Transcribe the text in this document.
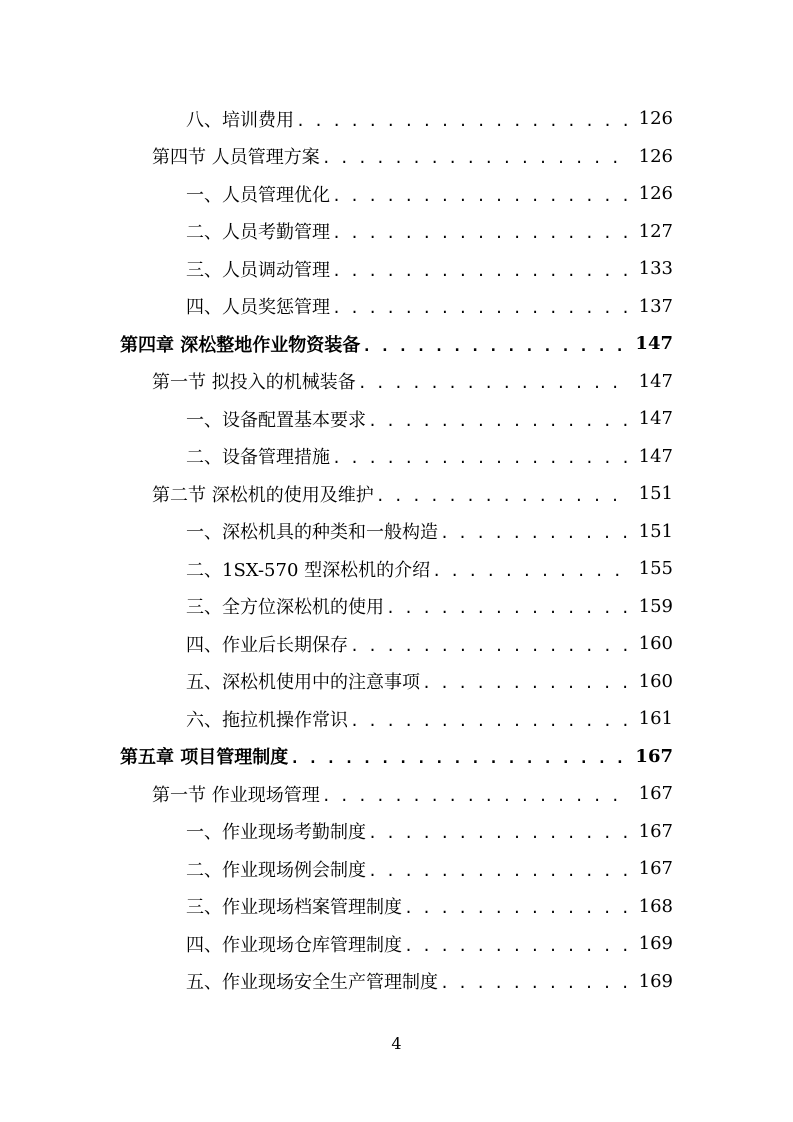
八、培训费用 . . .	126
第四节 人员管理方案 . . .	126
一、人员管理优化 . . .	126
二、人员考勤管理 . . .	127
三、人员调动管理 . . .	133
四、人员奖惩管理 . . .	137
第四章 深松整地作业物资装备 . . .	147
第一节 拟投入的机械装备 . . .	147
一、设备配置基本要求 . . .	147
二、设备管理措施 . . .	147
第二节 深松机的使用及维护 . . .	151
一、深松机具的种类和一般构造 . . .	151
二、1SX-570 型深松机的介绍 . . .	155
三、全方位深松机的使用 . . .	159
四、作业后长期保存 . . .	160
五、深松机使用中的注意事项 . . .	160
六、拖拉机操作常识 . . .	161
第五章 项目管理制度 . . .	167
第一节 作业现场管理 . . .	167
一、作业现场考勤制度 . . .	167
二、作业现场例会制度 . . .	167
三、作业现场档案管理制度 . . .	168
四、作业现场仓库管理制度 . . .	169
五、作业现场安全生产管理制度 . . .	169
4
